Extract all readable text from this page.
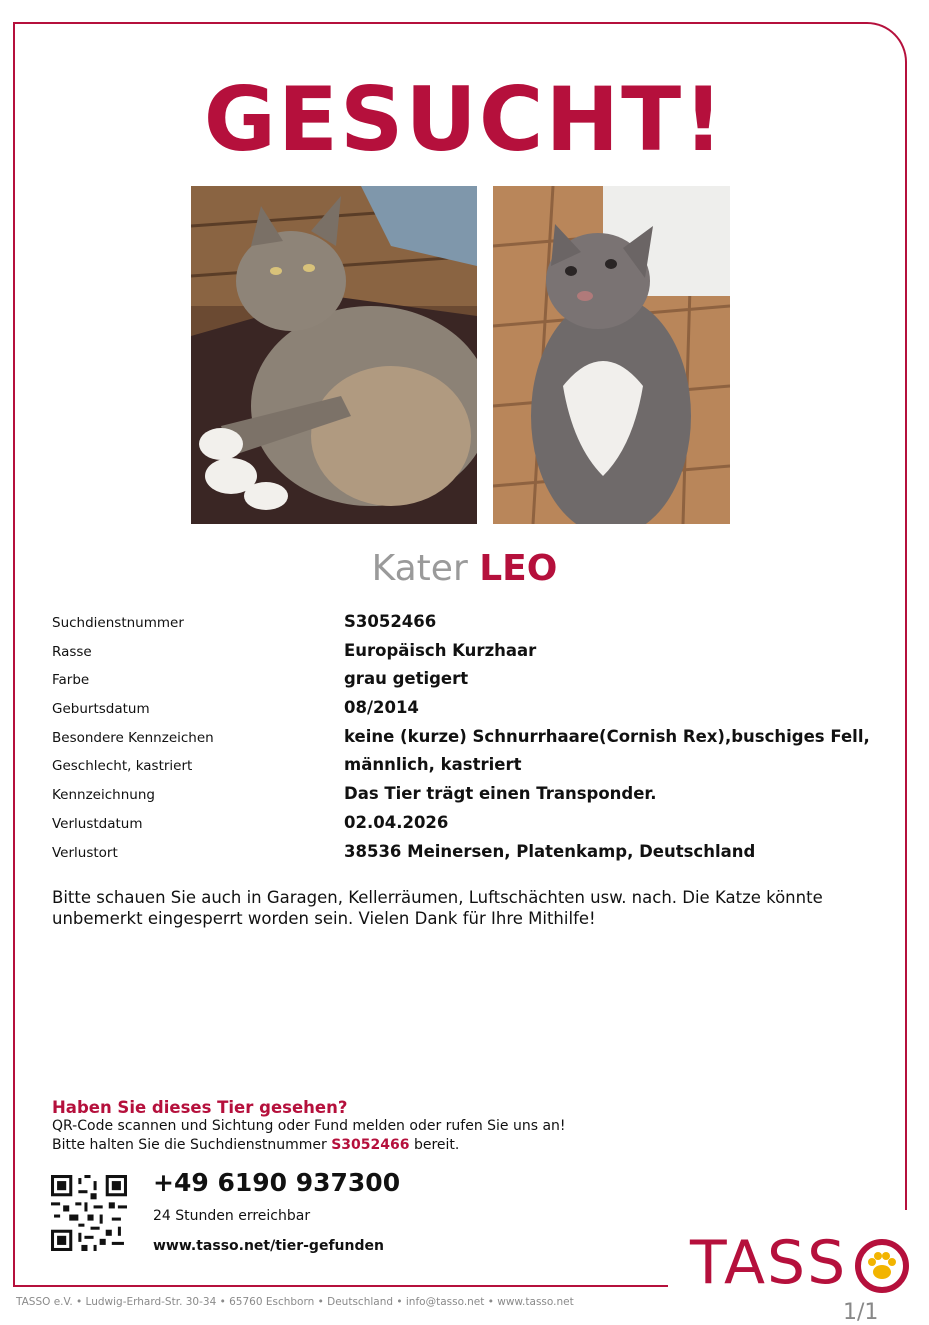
GESUCHT!
Kater LEO
Suchdienstnummer	S3052466
Rasse	Europäisch Kurzhaar
Farbe	grau getigert
Geburtsdatum	08/2014
Besondere Kennzeichen	keine (kurze) Schnurrhaare(Cornish Rex),buschiges Fell,
Geschlecht, kastriert	männlich, kastriert
Kennzeichnung	Das Tier trägt einen Transponder.
Verlustdatum	02.04.2026
Verlustort	38536 Meinersen, Platenkamp, Deutschland
Bitte schauen Sie auch in Garagen, Kellerräumen, Luftschächten usw. nach. Die Katze könnte unbemerkt eingesperrt worden sein. Vielen Dank für Ihre Mithilfe!
Haben Sie dieses Tier gesehen?
QR-Code scannen und Sichtung oder Fund melden oder rufen Sie uns an!
Bitte halten Sie die Suchdienstnummer S3052466 bereit.
+49 6190 937300
24 Stunden erreichbar
www.tasso.net/tier-gefunden	TASS
TASSO e.V. • Ludwig-Erhard-Str. 30-34 • 65760 Eschborn • Deutschland • info@tasso.net • www.tasso.net	1/1
